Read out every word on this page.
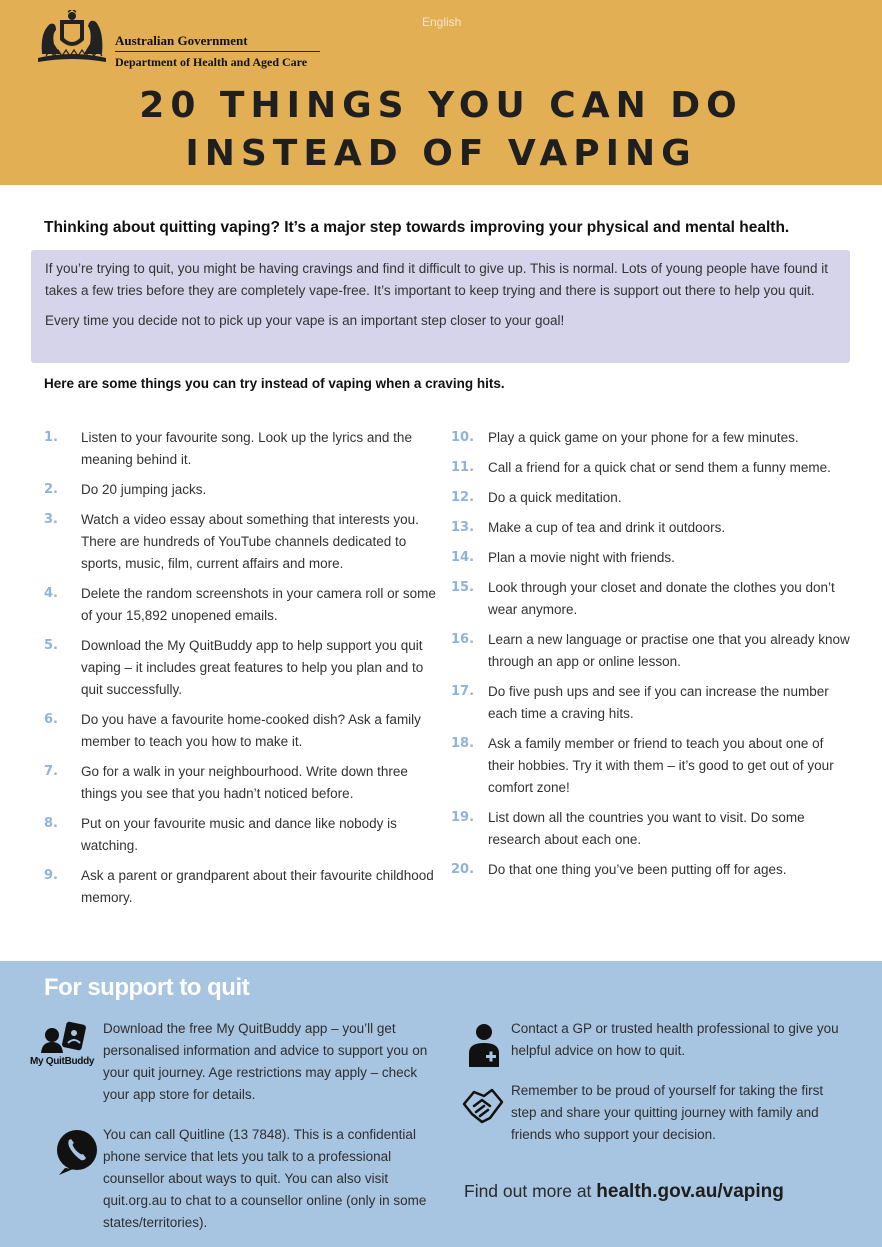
Australian Government
Department of Health and Aged Care
English
20 THINGS YOU CAN DO
INSTEAD OF VAPING
Thinking about quitting vaping? It’s a major step towards improving your physical and mental health.

If you’re trying to quit, you might be having cravings and find it difficult to give up. This is normal. Lots of young people have found it takes a few tries before they are completely vape-free. It’s important to keep trying and there is support out there to help you quit.

Every time you decide not to pick up your vape is an important step closer to your goal!

Here are some things you can try instead of vaping when a craving hits.
1. Listen to your favourite song. Look up the lyrics and the meaning behind it.
2. Do 20 jumping jacks.
3. Watch a video essay about something that interests you. There are hundreds of YouTube channels dedicated to sports, music, film, current affairs and more.
4. Delete the random screenshots in your camera roll or some of your 15,892 unopened emails.
5. Download the My QuitBuddy app to help support you quit vaping – it includes great features to help you plan and to quit successfully.
6. Do you have a favourite home-cooked dish? Ask a family member to teach you how to make it.
7. Go for a walk in your neighbourhood. Write down three things you see that you hadn’t noticed before.
8. Put on your favourite music and dance like nobody is watching.
9. Ask a parent or grandparent about their favourite childhood memory.
10. Play a quick game on your phone for a few minutes.
11. Call a friend for a quick chat or send them a funny meme.
12. Do a quick meditation.
13. Make a cup of tea and drink it outdoors.
14. Plan a movie night with friends.
15. Look through your closet and donate the clothes you don’t wear anymore.
16. Learn a new language or practise one that you already know through an app or online lesson.
17. Do five push ups and see if you can increase the number each time a craving hits.
18. Ask a family member or friend to teach you about one of their hobbies. Try it with them – it’s good to get out of your comfort zone!
19. List down all the countries you want to visit. Do some research about each one.
20. Do that one thing you’ve been putting off for ages.
For support to quit
My QuitBuddy
Download the free My QuitBuddy app – you’ll get personalised information and advice to support you on your quit journey. Age restrictions may apply – check your app store for details.
You can call Quitline (13 7848). This is a confidential phone service that lets you talk to a professional counsellor about ways to quit. You can also visit quit.org.au to chat to a counsellor online (only in some states/territories).
Contact a GP or trusted health professional to give you helpful advice on how to quit.
Remember to be proud of yourself for taking the first step and share your quitting journey with family and friends who support your decision.
Find out more at health.gov.au/vaping
